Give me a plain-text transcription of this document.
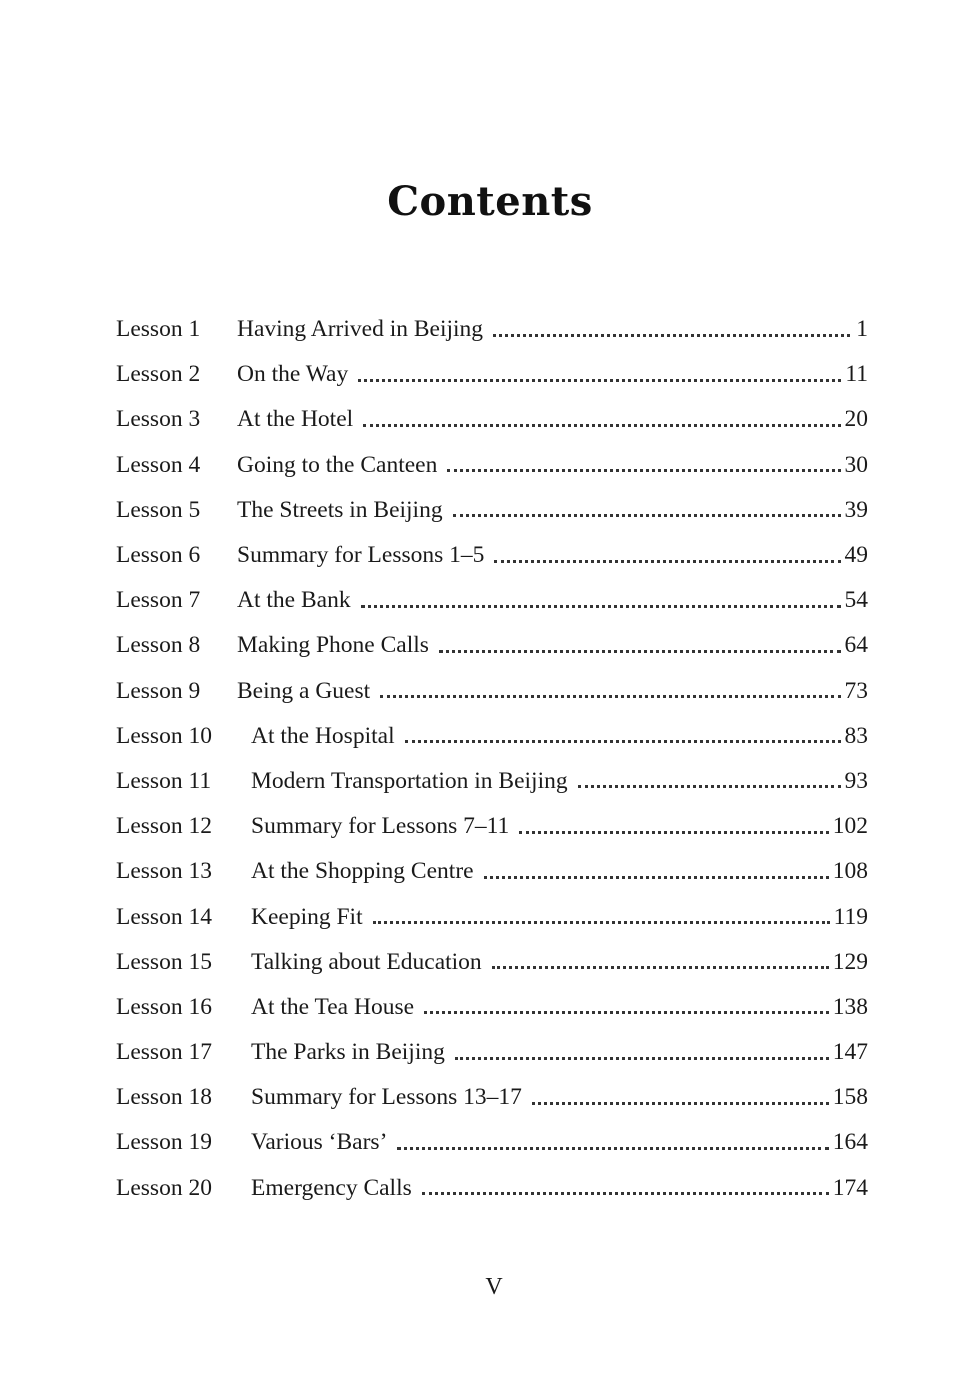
Contents
Lesson 1	Having Arrived in Beijing	1
Lesson 2	On the Way	11
Lesson 3	At the Hotel	20
Lesson 4	Going to the Canteen	30
Lesson 5	The Streets in Beijing	39
Lesson 6	Summary for Lessons 1–5	49
Lesson 7	At the Bank	54
Lesson 8	Making Phone Calls	64
Lesson 9	Being a Guest	73
Lesson 10	At the Hospital	83
Lesson 11	Modern Transportation in Beijing	93
Lesson 12	Summary for Lessons 7–11	102
Lesson 13	At the Shopping Centre	108
Lesson 14	Keeping Fit	119
Lesson 15	Talking about Education	129
Lesson 16	At the Tea House	138
Lesson 17	The Parks in Beijing	147
Lesson 18	Summary for Lessons 13–17	158
Lesson 19	Various ‘Bars’	164
Lesson 20	Emergency Calls	174
V
